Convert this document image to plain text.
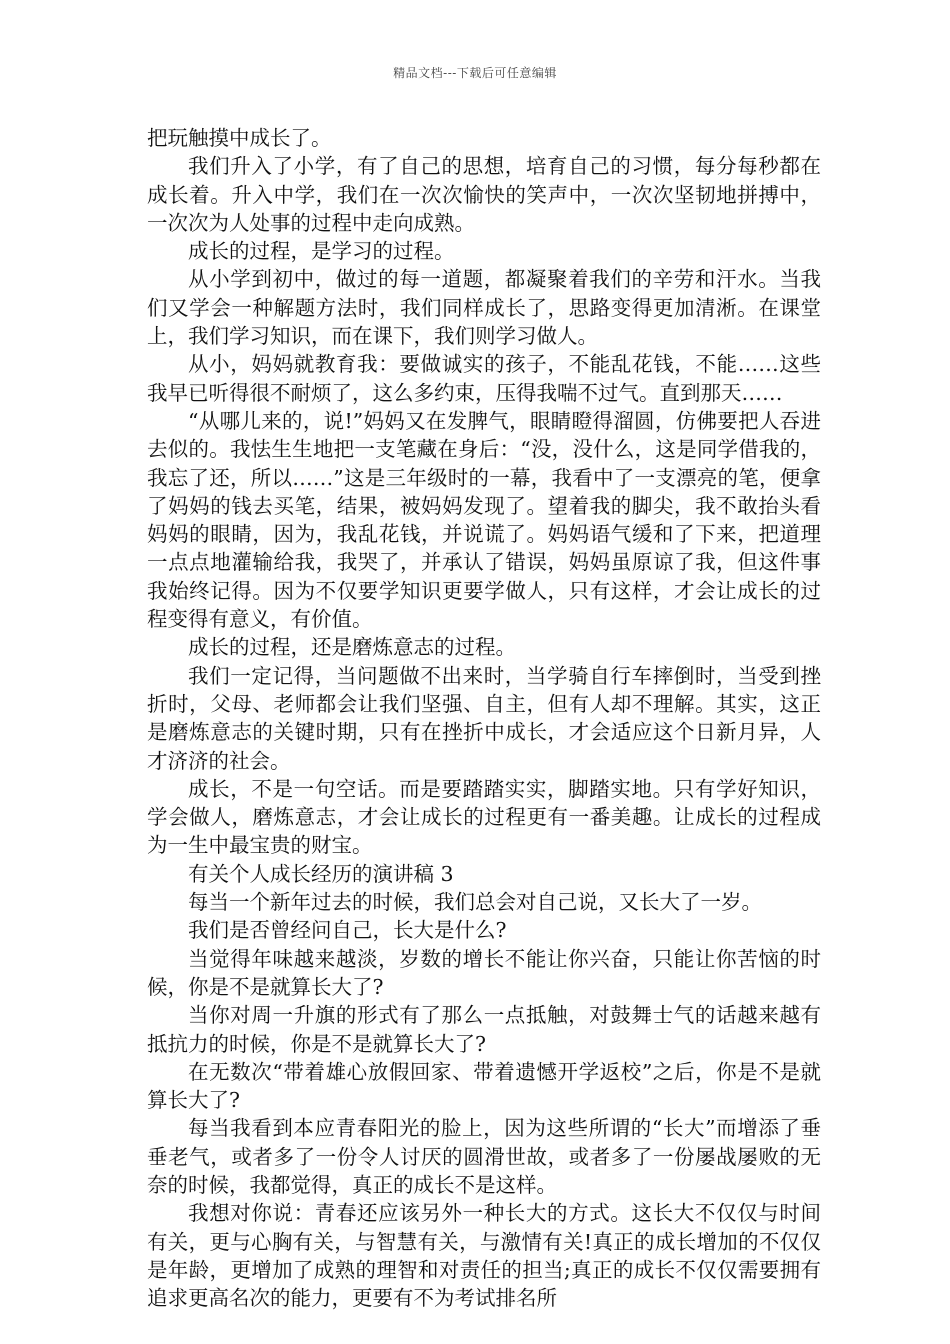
精品文档---下载后可任意编辑

把玩触摸中成长了。

我们升入了小学，有了自己的思想，培育自己的习惯，每分每秒都在成长着。升入中学，我们在一次次愉快的笑声中，一次次坚韧地拼搏中，一次次为人处事的过程中走向成熟。

成长的过程，是学习的过程。

从小学到初中，做过的每一道题，都凝聚着我们的辛劳和汗水。当我们又学会一种解题方法时，我们同样成长了，思路变得更加清淅。在课堂上，我们学习知识，而在课下，我们则学习做人。

从小，妈妈就教育我：要做诚实的孩子，不能乱花钱，不能……这些我早已听得很不耐烦了，这么多约束，压得我喘不过气。直到那天……

“从哪儿来的，说!”妈妈又在发脾气，眼睛瞪得溜圆，仿佛要把人吞进去似的。我怯生生地把一支笔藏在身后：“没，没什么，这是同学借我的，我忘了还，所以……”这是三年级时的一幕，我看中了一支漂亮的笔，便拿了妈妈的钱去买笔，结果，被妈妈发现了。望着我的脚尖，我不敢抬头看妈妈的眼睛，因为，我乱花钱，并说谎了。妈妈语气缓和了下来，把道理一点点地灌输给我，我哭了，并承认了错误，妈妈虽原谅了我，但这件事我始终记得。因为不仅要学知识更要学做人，只有这样，才会让成长的过程变得有意义，有价值。

成长的过程，还是磨炼意志的过程。

我们一定记得，当问题做不出来时，当学骑自行车摔倒时，当受到挫折时，父母、老师都会让我们坚强、自主，但有人却不理解。其实，这正是磨炼意志的关键时期，只有在挫折中成长，才会适应这个日新月异，人才济济的社会。

成长，不是一句空话。而是要踏踏实实，脚踏实地。只有学好知识，学会做人，磨炼意志，才会让成长的过程更有一番美趣。让成长的过程成为一生中最宝贵的财宝。

有关个人成长经历的演讲稿 3

每当一个新年过去的时候，我们总会对自己说，又长大了一岁。

我们是否曾经问自己，长大是什么?

当觉得年味越来越淡，岁数的增长不能让你兴奋，只能让你苦恼的时候，你是不是就算长大了?

当你对周一升旗的形式有了那么一点抵触，对鼓舞士气的话越来越有抵抗力的时候，你是不是就算长大了?

在无数次“带着雄心放假回家、带着遗憾开学返校”之后，你是不是就算长大了?

每当我看到本应青春阳光的脸上，因为这些所谓的“长大”而增添了垂垂老气，或者多了一份令人讨厌的圆滑世故，或者多了一份屡战屡败的无奈的时候，我都觉得，真正的成长不是这样。

我想对你说：青春还应该另外一种长大的方式。这长大不仅仅与时间有关，更与心胸有关，与智慧有关，与激情有关!真正的成长增加的不仅仅是年龄，更增加了成熟的理智和对责任的担当;真正的成长不仅仅需要拥有追求更高名次的能力，更要有不为考试排名所
